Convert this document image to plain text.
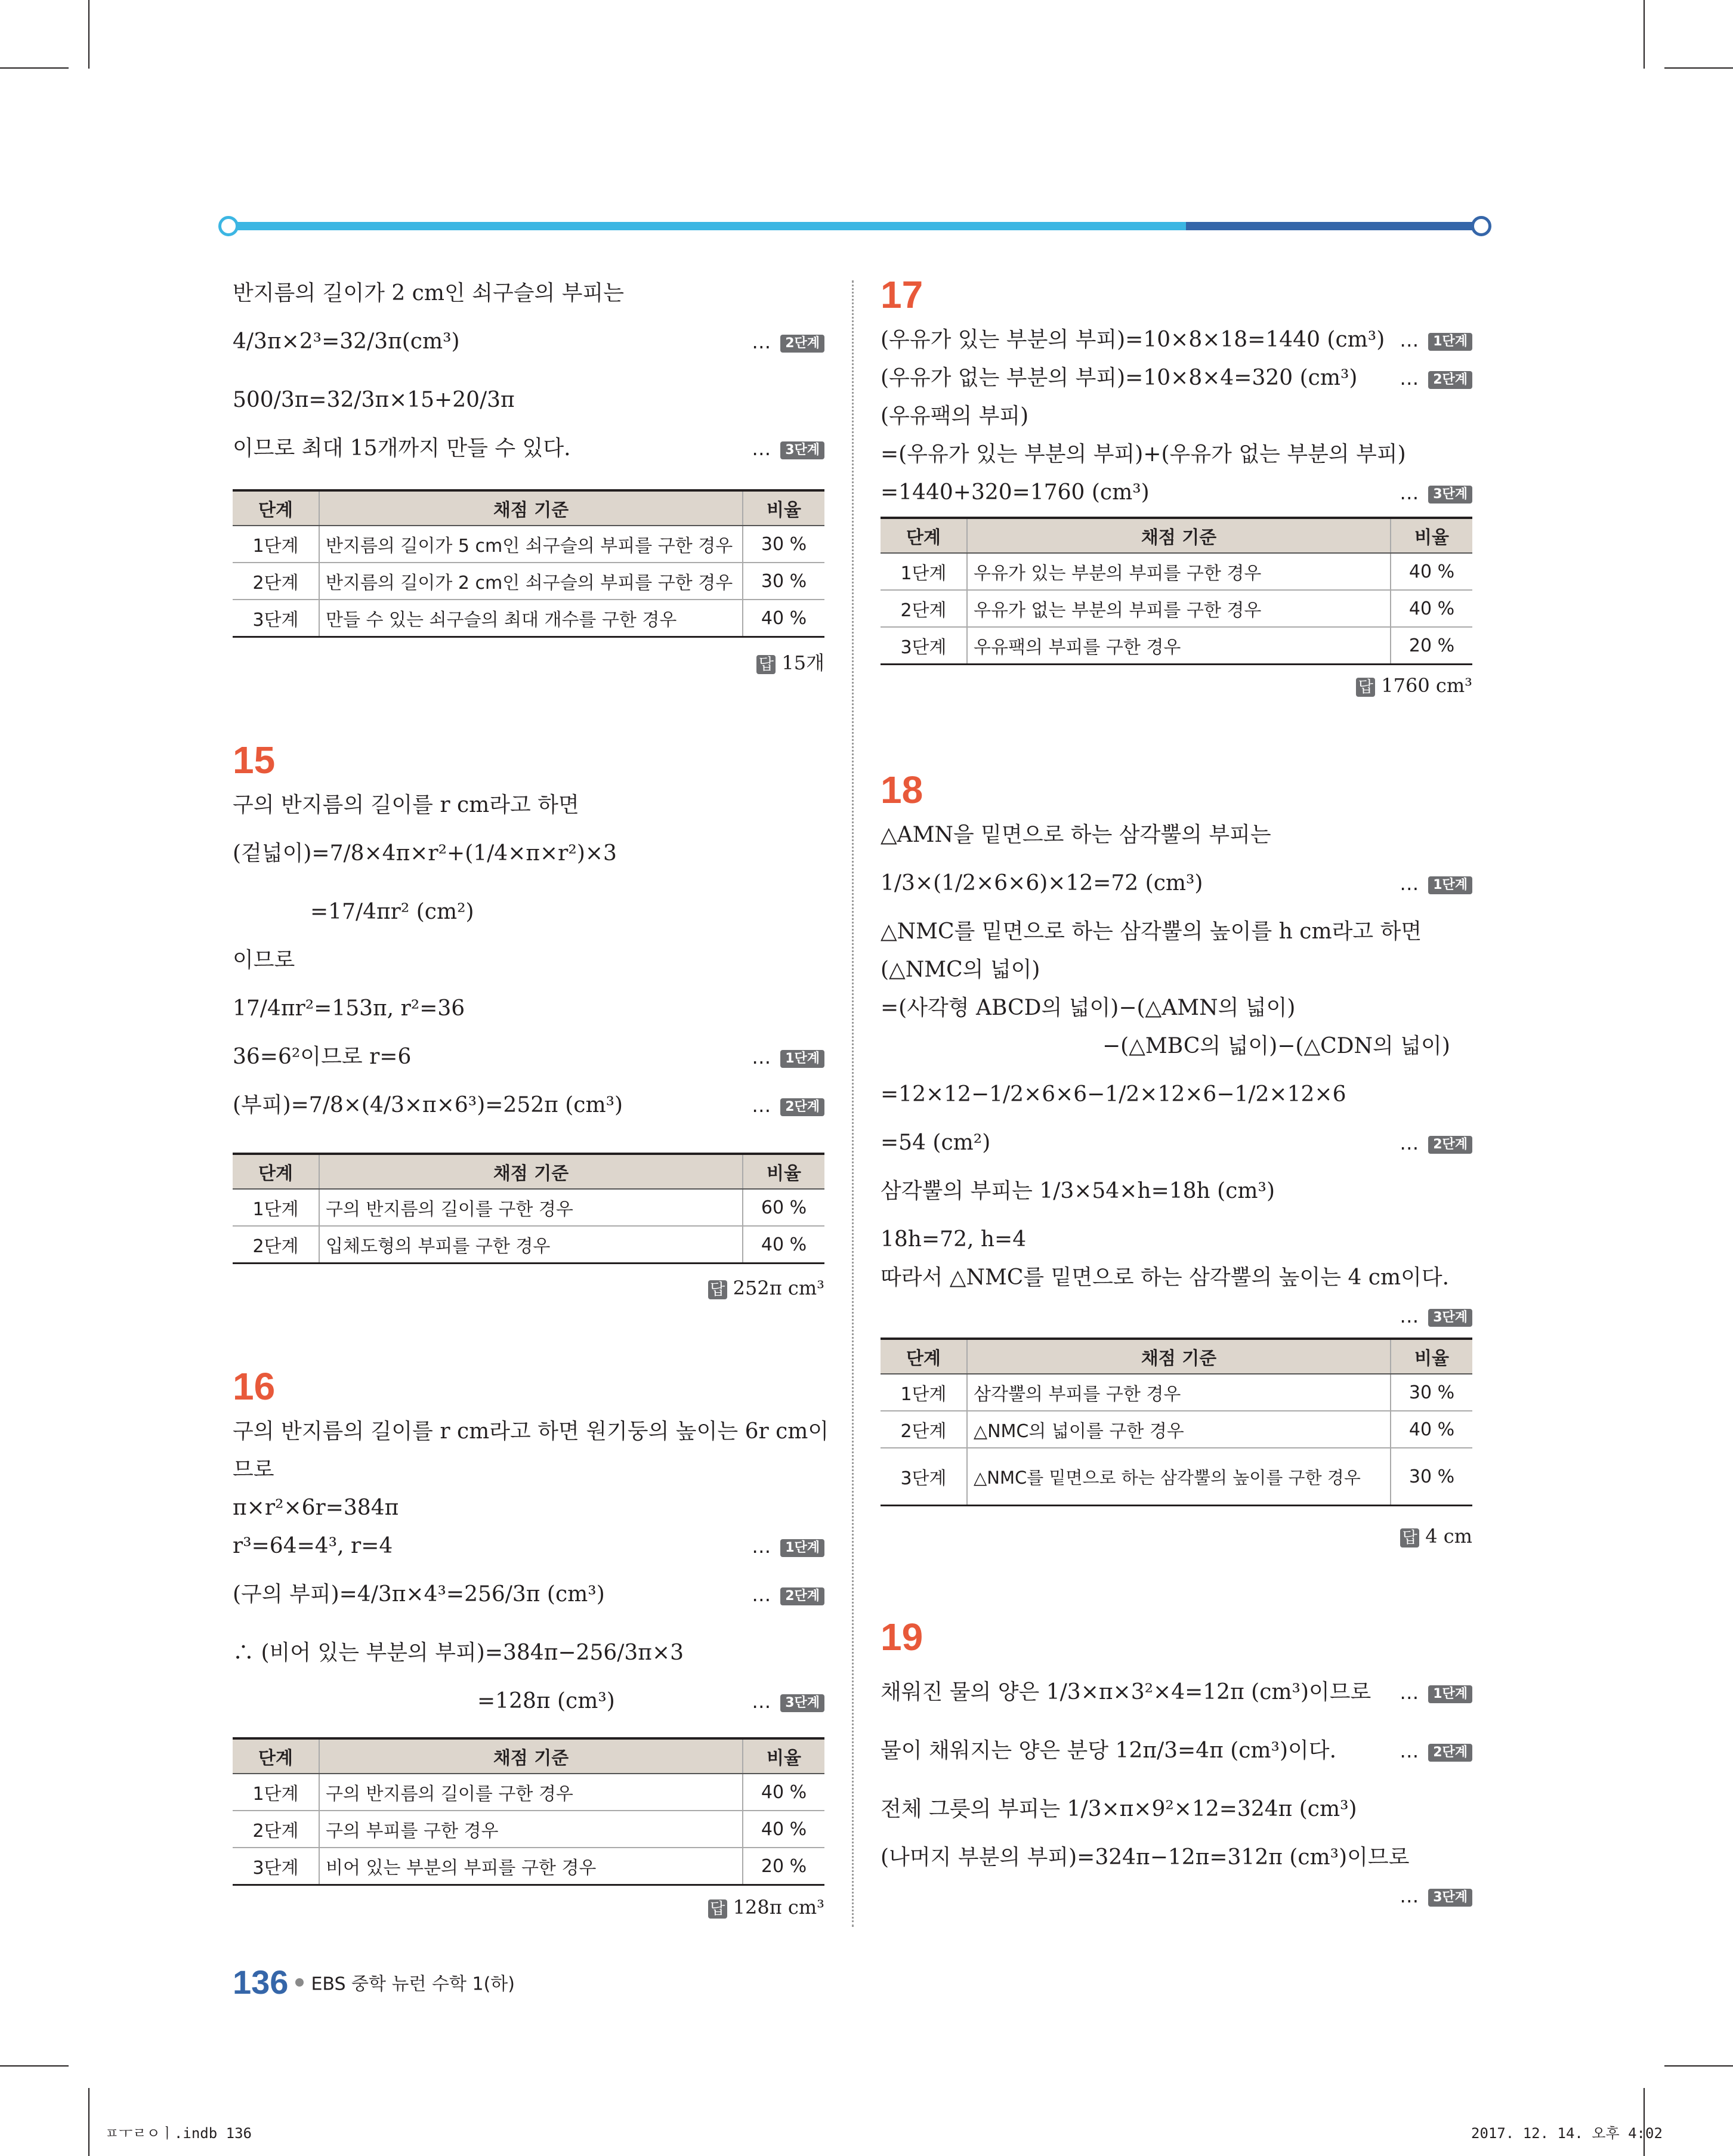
반지름의 길이가 2 cm인 쇠구슬의 부피는
4/3π×2³=32/3π(cm³)	… 2단계
500/3π=32/3π×15+20/3π
이므로 최대 15개까지 만들 수 있다.	… 3단계
단계	채점 기준	비율
1단계	반지름의 길이가 5 cm인 쇠구슬의 부피를 구한 경우	30 %
2단계	반지름의 길이가 2 cm인 쇠구슬의 부피를 구한 경우	30 %
3단계	만들 수 있는 쇠구슬의 최대 개수를 구한 경우	40 %
답 15개
15
구의 반지름의 길이를 r cm라고 하면
(겉넓이)=7/8×4π×r²+(1/4×π×r²)×3
=17/4πr² (cm²)
이므로
17/4πr²=153π, r²=36
36=6²이므로 r=6	… 1단계
(부피)=7/8×(4/3×π×6³)=252π (cm³)	… 2단계
단계	채점 기준	비율
1단계	구의 반지름의 길이를 구한 경우	60 %
2단계	입체도형의 부피를 구한 경우	40 %
답 252π cm³
16
구의 반지름의 길이를 r cm라고 하면 원기둥의 높이는 6r cm이
므로
π×r²×6r=384π
r³=64=4³, r=4	… 1단계
(구의 부피)=4/3π×4³=256/3π (cm³)	… 2단계
∴ (비어 있는 부분의 부피)=384π−256/3π×3
=128π (cm³)	… 3단계
단계	채점 기준	비율
1단계	구의 반지름의 길이를 구한 경우	40 %
2단계	구의 부피를 구한 경우	40 %
3단계	비어 있는 부분의 부피를 구한 경우	20 %
답 128π cm³
17
(우유가 있는 부분의 부피)=10×8×18=1440 (cm³) … 1단계
(우유가 없는 부분의 부피)=10×8×4=320 (cm³) … 2단계
(우유팩의 부피)
=(우유가 있는 부분의 부피)+(우유가 없는 부분의 부피)
=1440+320=1760 (cm³)	… 3단계
단계	채점 기준	비율
1단계	우유가 있는 부분의 부피를 구한 경우	40 %
2단계	우유가 없는 부분의 부피를 구한 경우	40 %
3단계	우유팩의 부피를 구한 경우	20 %
답 1760 cm³
18
△AMN을 밑면으로 하는 삼각뿔의 부피는
1/3×(1/2×6×6)×12=72 (cm³)	… 1단계
△NMC를 밑면으로 하는 삼각뿔의 높이를 h cm라고 하면
(△NMC의 넓이)
=(사각형 ABCD의 넓이)−(△AMN의 넓이)
−(△MBC의 넓이)−(△CDN의 넓이)
=12×12−1/2×6×6−1/2×12×6−1/2×12×6
=54 (cm²)	… 2단계
삼각뿔의 부피는 1/3×54×h=18h (cm³)
18h=72, h=4
따라서 △NMC를 밑면으로 하는 삼각뿔의 높이는 4 cm이다.
… 3단계
단계	채점 기준	비율
1단계	삼각뿔의 부피를 구한 경우	30 %
2단계	△NMC의 넓이를 구한 경우	40 %
3단계	△NMC를 밑면으로 하는 삼각뿔의 높이를 구한 경우	30 %
답 4 cm
19
채워진 물의 양은 1/3×π×3²×4=12π (cm³)이므로 … 1단계
물이 채워지는 양은 분당 12π/3=4π (cm³)이다.	… 2단계
전체 그릇의 부피는 1/3×π×9²×12=324π (cm³)
(나머지 부분의 부피)=324π−12π=312π (cm³)이므로
… 3단계
136 EBS 중학 뉴런 수학 1(하)
ㅍㅜㄹㅇㅣ.indb 136	2017. 12. 14. 오후 4:02
